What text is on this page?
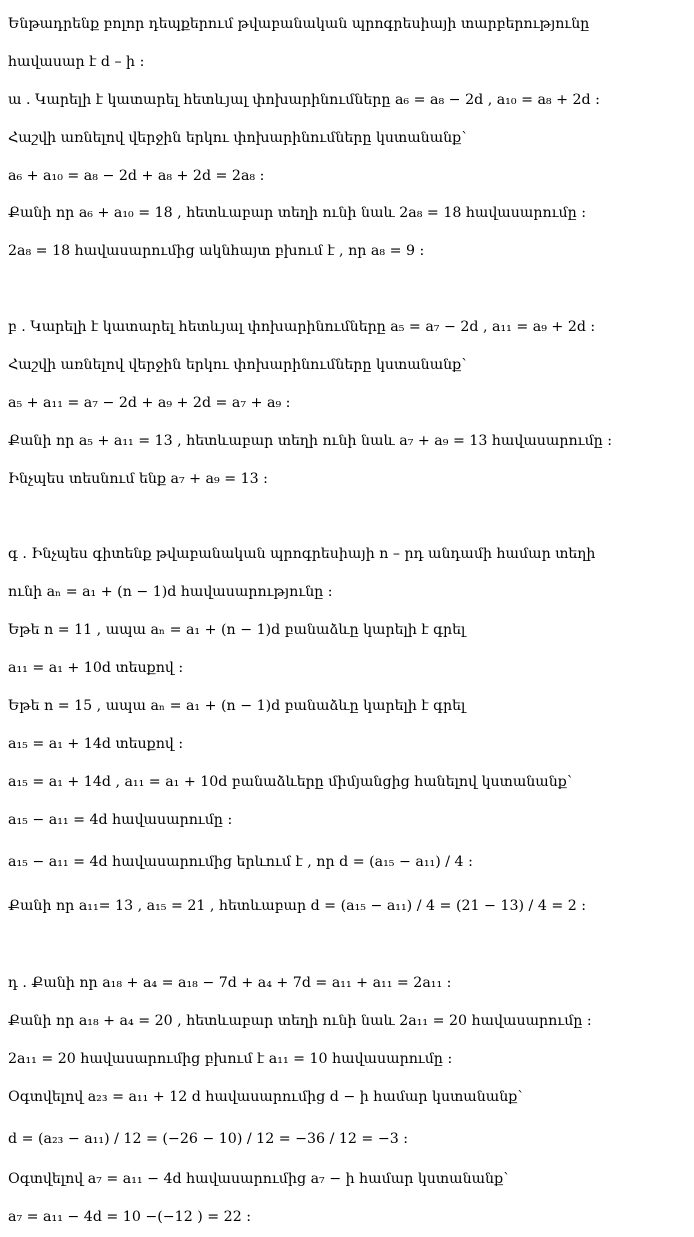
Ենթադրենք բոլոր դեպքերում թվաբանական պրոգրեսիայի տարբերությունը
հավասար է d – ի :
ա . Կարելի է կատարել հետևյալ փոխարինումները a₆ = a₈ − 2d , a₁₀ = a₈ + 2d :
Հաշվի առնելով վերջին երկու փոխարինումները կստանանք՝
a₆ + a₁₀ = a₈ − 2d + a₈ + 2d = 2a₈ :
Քանի որ a₆ + a₁₀ = 18 , հետևաբար տեղի ունի նաև 2a₈ = 18 հավասարումը :
2a₈ = 18 հավասարումից ակնհայտ բխում է , որ a₈ = 9 :
բ . Կարելի է կատարել հետևյալ փոխարինումները a₅ = a₇ − 2d , a₁₁ = a₉ + 2d :
Հաշվի առնելով վերջին երկու փոխարինումները կստանանք՝
a₅ + a₁₁ = a₇ − 2d + a₉ + 2d = a₇ + a₉ :
Քանի որ a₅ + a₁₁ = 13 , հետևաբար տեղի ունի նաև a₇ + a₉ = 13 հավասարումը :
Ինչպես տեսնում ենք a₇ + a₉ = 13 :
գ . Ինչպես գիտենք թվաբանական պրոգրեսիայի n – րդ անդամի համար տեղի
ունի aₙ = a₁ + (n − 1)d հավասարությունը :
Եթե n = 11 , ապա aₙ = a₁ + (n − 1)d բանաձևը կարելի է գրել
a₁₁ = a₁ + 10d տեսքով :
Եթե n = 15 , ապա aₙ = a₁ + (n − 1)d բանաձևը կարելի է գրել
a₁₅ = a₁ + 14d տեսքով :
a₁₅ = a₁ + 14d , a₁₁ = a₁ + 10d բանաձևերը միմյանցից հանելով կստանանք՝
a₁₅ − a₁₁ = 4d հավասարումը :
a₁₅ − a₁₁ = 4d հավասարումից երևում է , որ d = (a₁₅ − a₁₁) / 4 :
Քանի որ a₁₁= 13 , a₁₅ = 21 , հետևաբար d = (a₁₅ − a₁₁) / 4 = (21 − 13) / 4 = 2 :
դ . Քանի որ a₁₈ + a₄ = a₁₈ − 7d + a₄ + 7d = a₁₁ + a₁₁ = 2a₁₁ :
Քանի որ a₁₈ + a₄ = 20 , հետևաբար տեղի ունի նաև 2a₁₁ = 20 հավասարումը :
2a₁₁ = 20 հավասարումից բխում է a₁₁ = 10 հավասարումը :
Օգտվելով a₂₃ = a₁₁ + 12 d հավասարումից d − ի համար կստանանք՝
d = (a₂₃ − a₁₁) / 12 = (−26 − 10) / 12 = −36 / 12 = −3 :
Օգտվելով a₇ = a₁₁ − 4d հավասարումից a₇ − ի համար կստանանք՝
a₇ = a₁₁ − 4d = 10 −(−12 ) = 22 :
